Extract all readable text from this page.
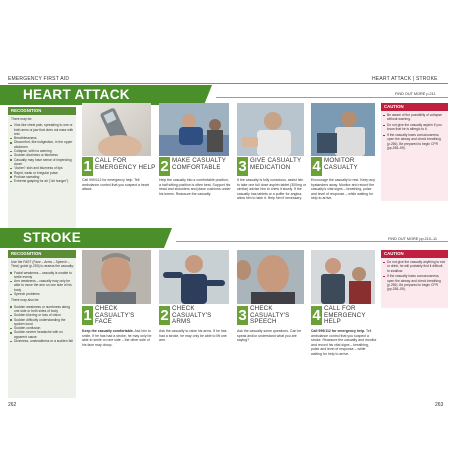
EMERGENCY FIRST AID	HEART ATTACK | STROKE
HEART ATTACK	FIND OUT MORE p.211
RECOGNITION

There may be:

Vice-like chest pain, spreading to one or both arms or jaw that does not ease with rest
Breathlessness
Discomfort, like indigestion, in the upper abdomen
Collapse, with no warning
Sudden dizziness or faintness
Casualty may have sense of impending doom
"Ashen" skin and blueness of lips
Rapid, weak or irregular pulse
Profuse sweating
Extreme gasping for air ("air hunger")
1 CALL FOR
EMERGENCY HELP
Call 999/112 for emergency help. Tell ambulance control that you suspect a heart attack.
2 MAKE CASUALTY
COMFORTABLE
Help the casualty into a comfortable position; a half sitting position is often best. Support his head and shoulders and place cushions under his knees. Reassure the casualty.
3 GIVE CASUALTY
MEDICATION
If the casualty is fully conscious, assist him to take one full dose aspirin tablet (300mg or similar) advise him to chew it slowly. If the casualty has tablets or a puffer for angina, allow him to take it. Help him if necessary.
4 MONITOR
CASUALTY
Encourage the casualty to rest. Keep any bystanders away. Monitor and record the casualty's vital signs – breathing, pulse and level of response – while waiting for help to arrive.
CAUTION
Be aware of the possibility of collapse without warning.
Do not give the casualty aspirin if you know that he is allergic to it.
If the casualty loses consciousness, open the airway and check breathing (p.256). Be prepared to begin CPR (pp.258–59).
STROKE	FIND OUT MORE pp.210–11
RECOGNITION

Use the FAST (Face – Arms – Speech – Time) guide (p.253) to assess the casualty:

Facial weakness – casualty is unable to smile evenly
Arm weakness – casualty may only be able to move the arm on one side of his body
Speech problems

There may also be:

Sudden weakness or numbness along one side or both sides of body
Sudden blurring or loss of vision
Sudden difficulty understanding the spoken word
Sudden confusion
Sudden severe headache with no apparent cause
Dizziness, unsteadiness or a sudden fall
1 CHECK
CASUALTY'S
FACE
Keep the casualty comfortable. Ask him to smile. If he has had a stroke, he may only be able to smile on one side – the other side of his face may droop.
2 CHECK
CASUALTY'S
ARMS
Ask the casualty to raise his arms. If he has had a stroke, he may only be able to lift one arm.
3 CHECK
CASUALTY'S
SPEECH
Ask the casualty some questions. Can he speak and/or understand what you are saying?
4 CALL FOR
EMERGENCY
HELP
Call 999/112 for emergency help. Tell ambulance control that you suspect a stroke. Reassure the casualty and monitor and record his vital signs – breathing, pulse and level of response – while waiting for help to arrive.
CAUTION
Do not give the casualty anything to eat or drink; he will probably find it difficult to swallow.
If the casualty loses consciousness, open the airway and check breathing (p.256). Be prepared to begin CPR (pp.258–59).
262	263
